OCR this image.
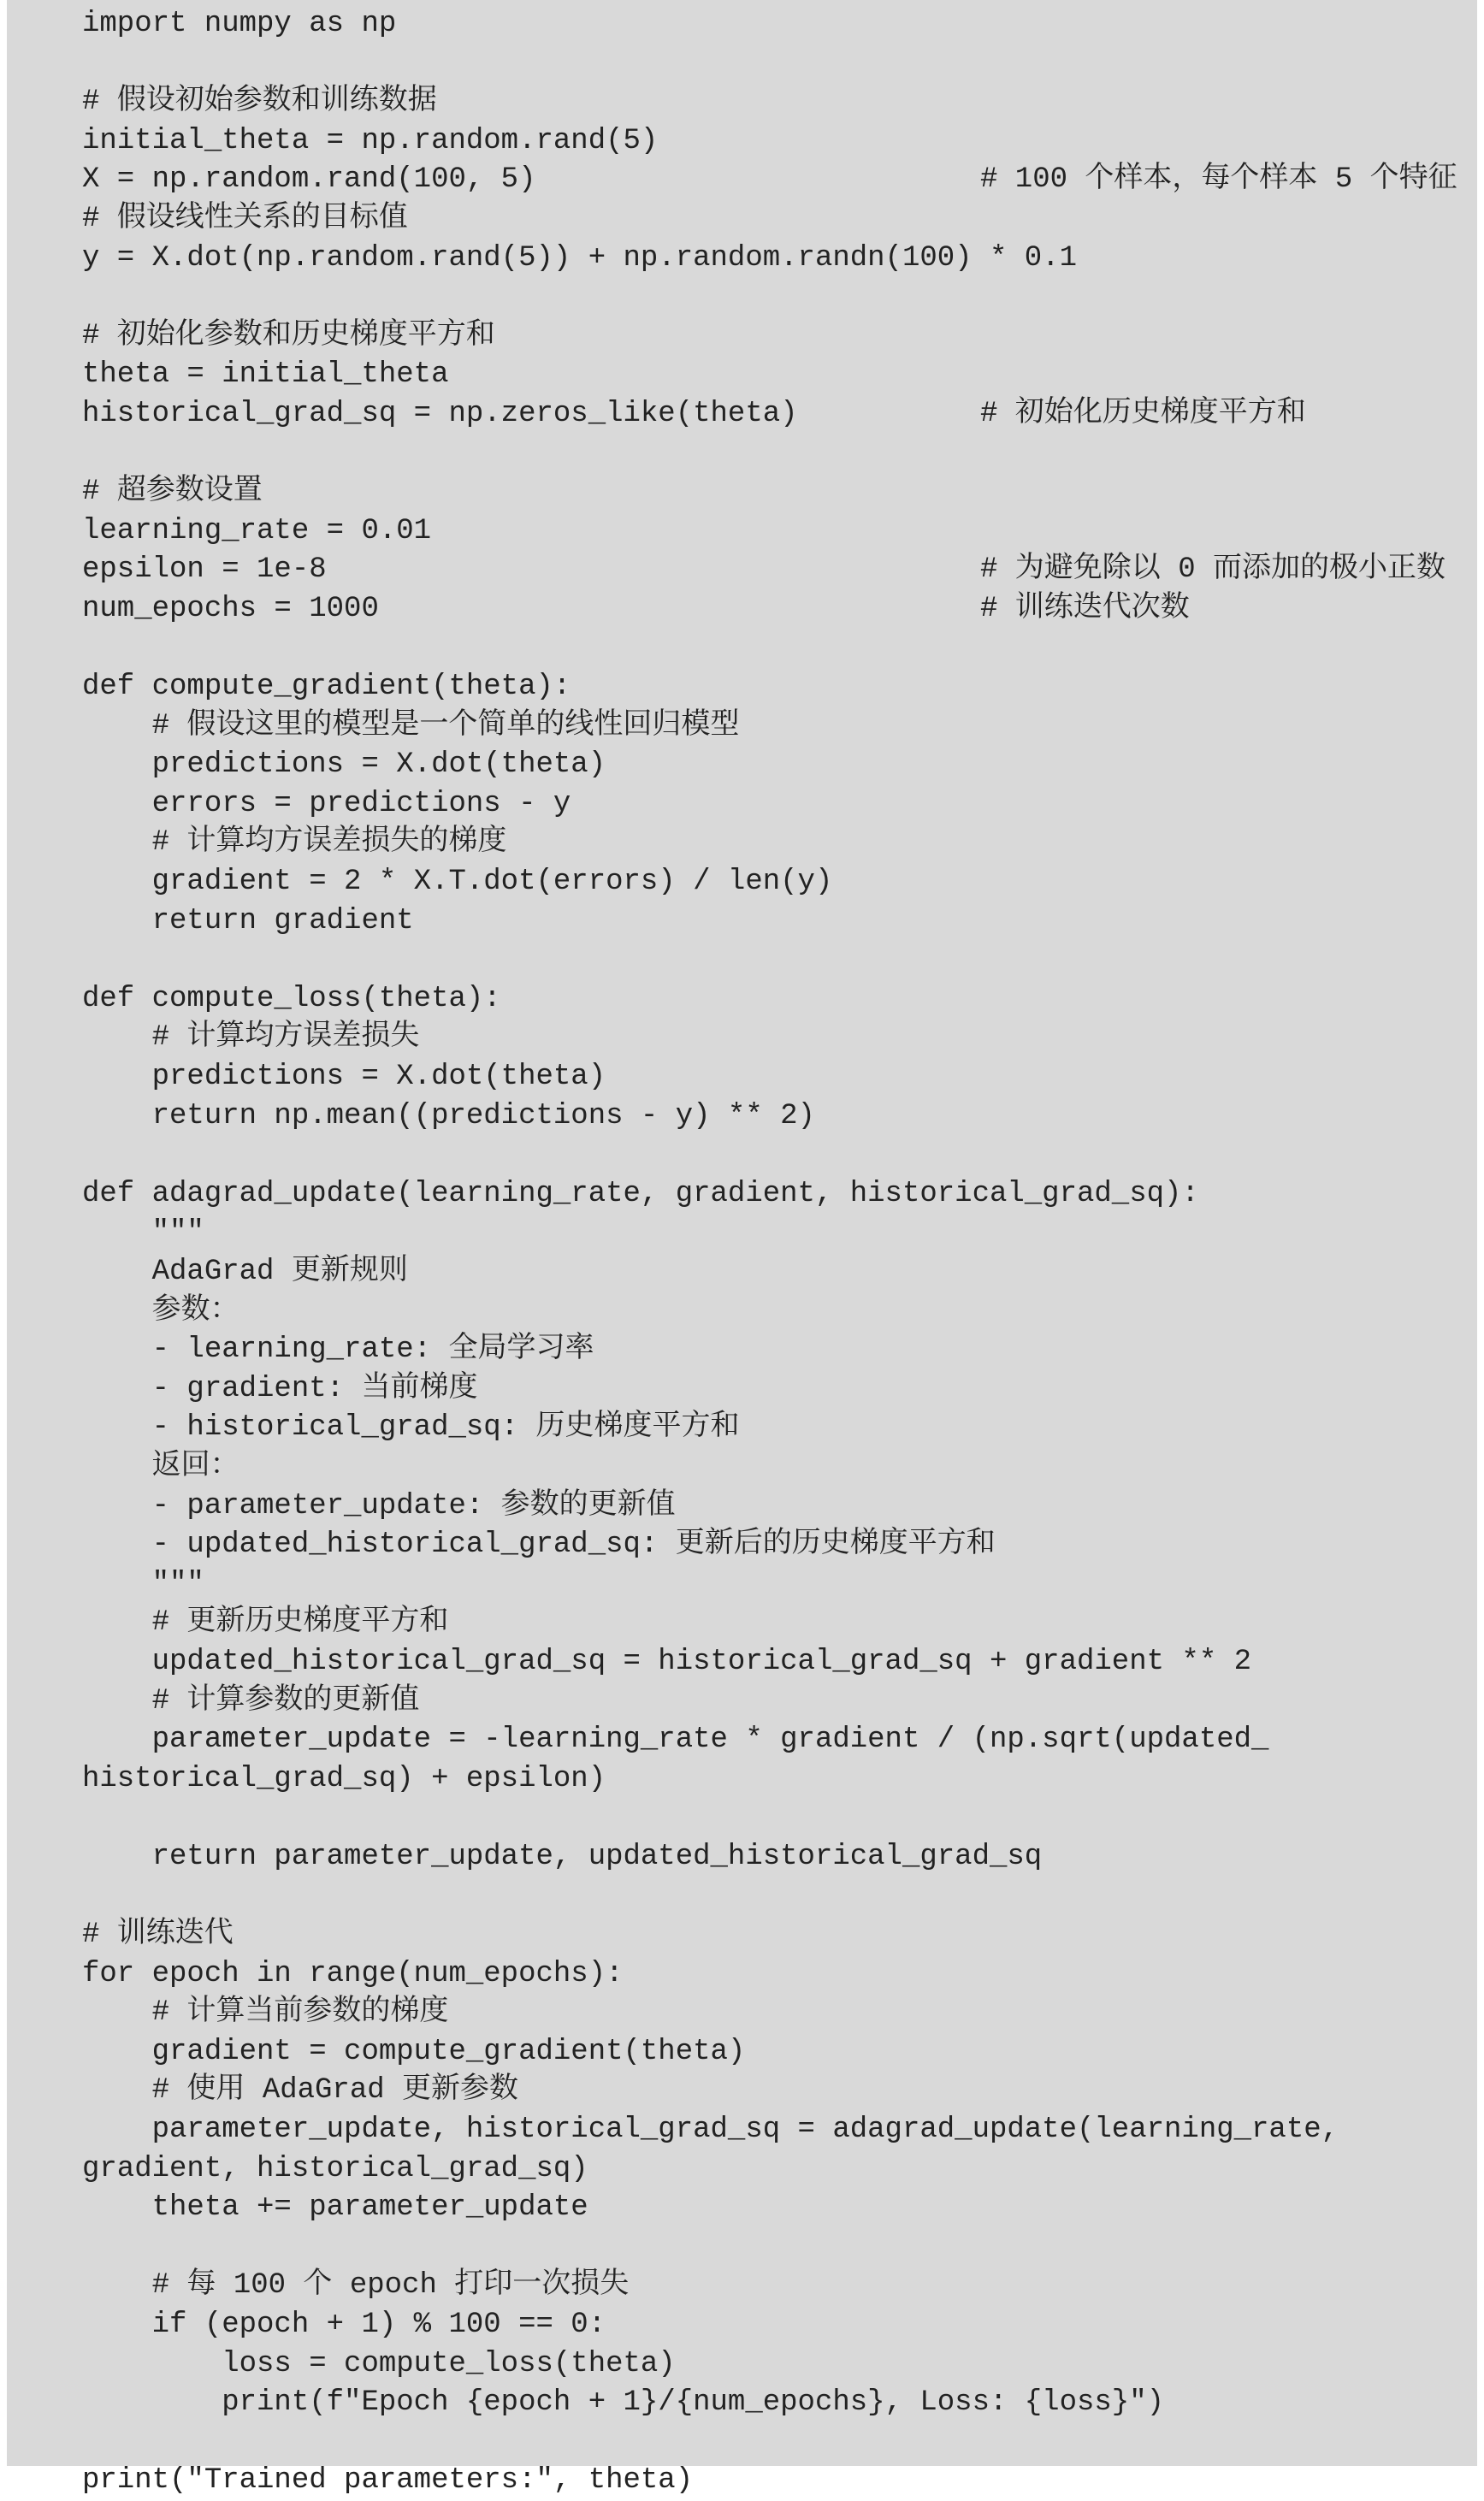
import numpy as np
# 假设初始参数和训练数据
initial_theta = np.random.rand(5)
X = np.random.rand(100, 5)	# 100 个样本，每个样本 5 个特征
# 假设线性关系的目标值
y = X.dot(np.random.rand(5)) + np.random.randn(100) * 0.1
# 初始化参数和历史梯度平方和
theta = initial_theta
historical_grad_sq = np.zeros_like(theta)	# 初始化历史梯度平方和
# 超参数设置
learning_rate = 0.01
epsilon = 1e-8	# 为避免除以 0 而添加的极小正数
num_epochs = 1000	# 训练迭代次数
def compute_gradient(theta):
# 假设这里的模型是一个简单的线性回归模型
predictions = X.dot(theta)
errors = predictions - y
# 计算均方误差损失的梯度
gradient = 2 * X.T.dot(errors) / len(y)
return gradient
def compute_loss(theta):
# 计算均方误差损失
predictions = X.dot(theta)
return np.mean((predictions - y) ** 2)
def adagrad_update(learning_rate, gradient, historical_grad_sq):
"""
AdaGrad 更新规则
参数：
- learning_rate: 全局学习率
- gradient: 当前梯度
- historical_grad_sq: 历史梯度平方和
返回：
- parameter_update: 参数的更新值
- updated_historical_grad_sq: 更新后的历史梯度平方和
"""
# 更新历史梯度平方和
updated_historical_grad_sq = historical_grad_sq + gradient ** 2
# 计算参数的更新值
parameter_update = -learning_rate * gradient / (np.sqrt(updated_
historical_grad_sq) + epsilon)
return parameter_update, updated_historical_grad_sq
# 训练迭代
for epoch in range(num_epochs):
# 计算当前参数的梯度
gradient = compute_gradient(theta)
# 使用 AdaGrad 更新参数
parameter_update, historical_grad_sq = adagrad_update(learning_rate,
gradient, historical_grad_sq)
theta += parameter_update
# 每 100 个 epoch 打印一次损失
if (epoch + 1) % 100 == 0:
loss = compute_loss(theta)
print(f"Epoch {epoch + 1}/{num_epochs}, Loss: {loss}")
print("Trained parameters:", theta)
